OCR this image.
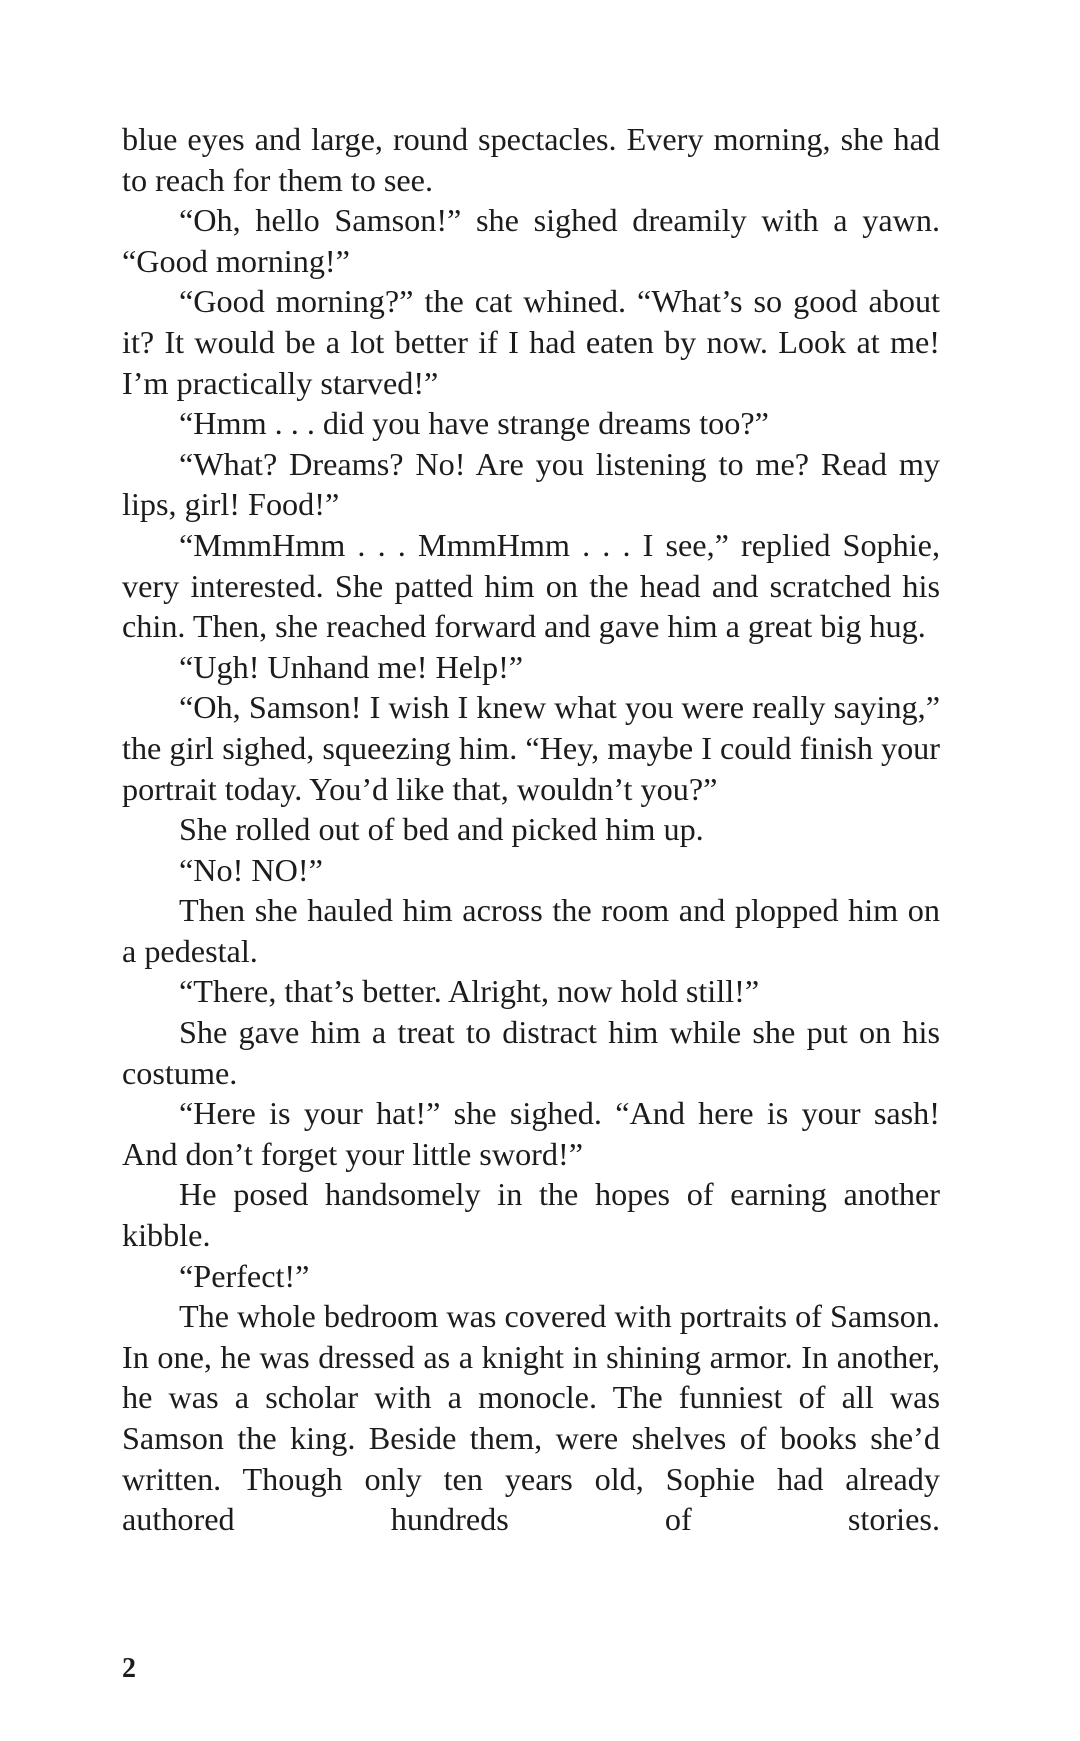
blue eyes and large, round spectacles. Every morning, she had to reach for them to see.

“Oh, hello Samson!” she sighed dreamily with a yawn. “Good morning!”

“Good morning?” the cat whined. “What’s so good about it? It would be a lot better if I had eaten by now. Look at me! I’m practically starved!”

“Hmm . . . did you have strange dreams too?”

“What? Dreams? No! Are you listening to me? Read my lips, girl! Food!”

“MmmHmm . . . MmmHmm . . . I see,” replied Sophie, very interested. She patted him on the head and scratched his chin. Then, she reached forward and gave him a great big hug.

“Ugh! Unhand me! Help!”

“Oh, Samson! I wish I knew what you were really saying,” the girl sighed, squeezing him. “Hey, maybe I could finish your portrait today. You’d like that, wouldn’t you?”

She rolled out of bed and picked him up.

“No! NO!”

Then she hauled him across the room and plopped him on a pedestal.

“There, that’s better. Alright, now hold still!”

She gave him a treat to distract him while she put on his costume.

“Here is your hat!” she sighed. “And here is your sash! And don’t forget your little sword!”

He posed handsomely in the hopes of earning another kibble.

“Perfect!”

The whole bedroom was covered with portraits of Samson. In one, he was dressed as a knight in shining armor. In another, he was a scholar with a monocle. The funniest of all was Samson the king. Beside them, were shelves of books she’d written. Though only ten years old, Sophie had already authored hundreds of stories.

2
